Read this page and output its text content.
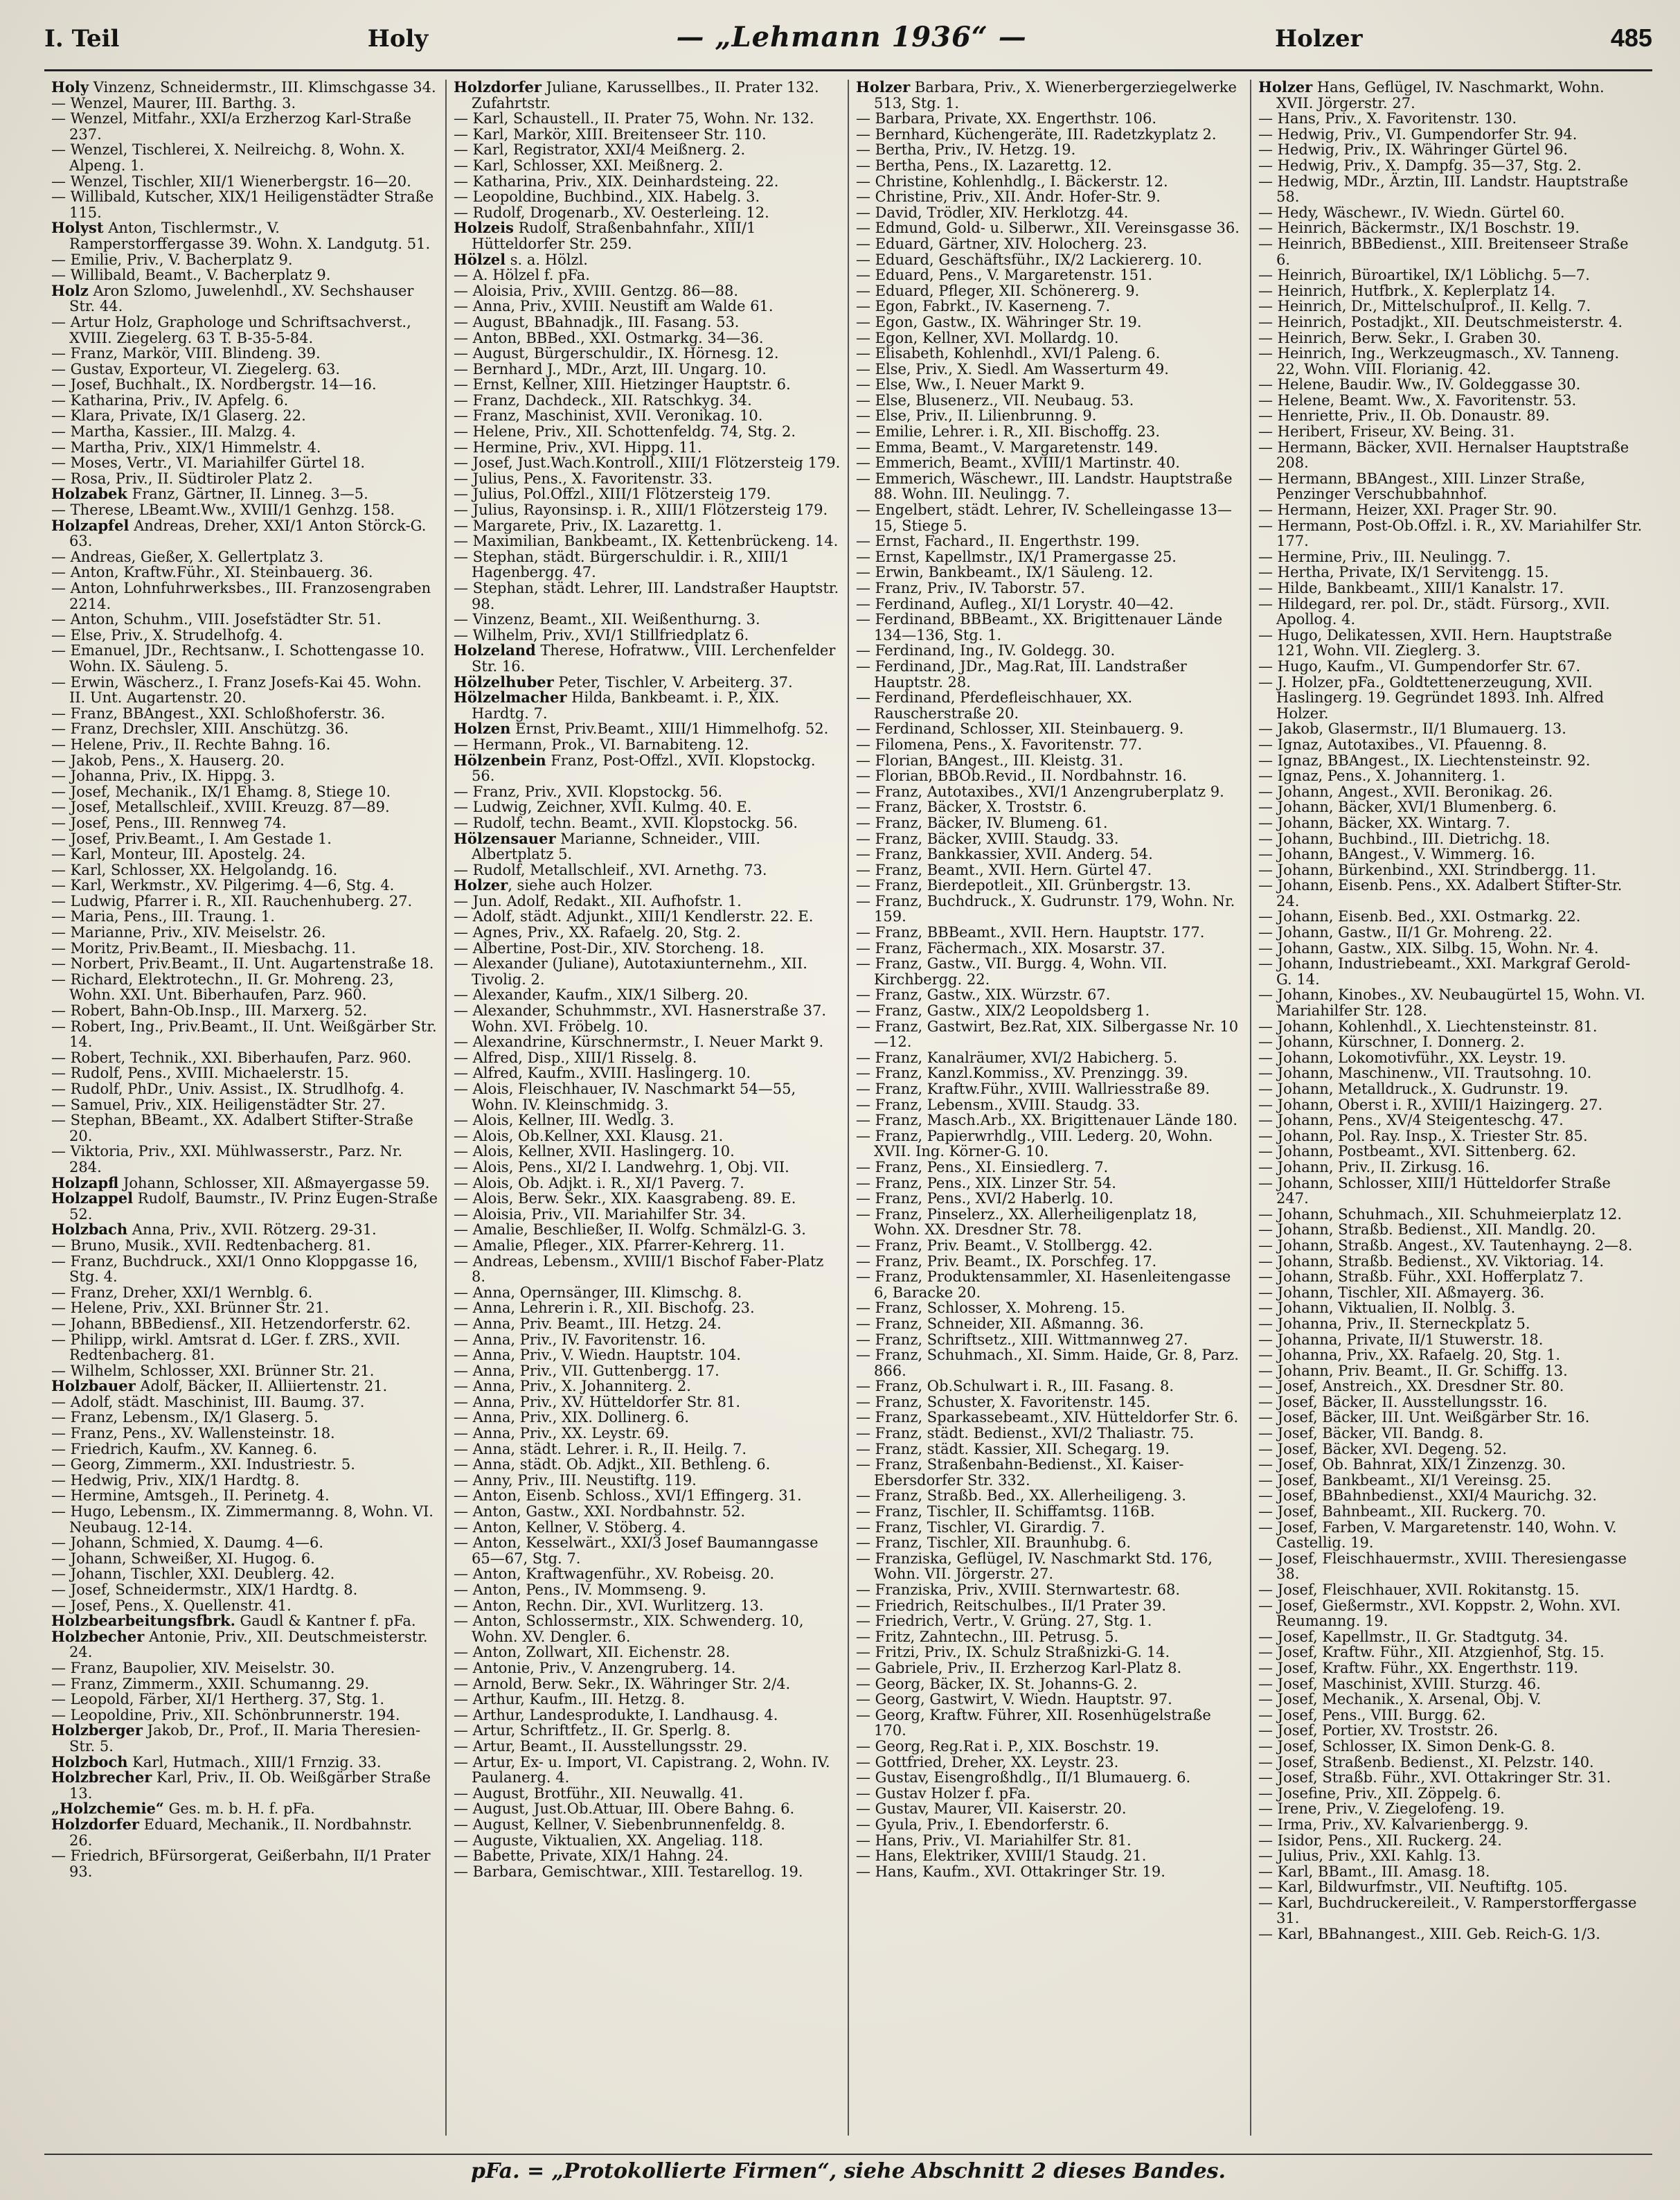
I. Teil	Holy	— „Lehmann 1936“ —	Holzer	485

Holy Vinzenz, Schneidermstr., III. Klimschgasse 34.

— Wenzel, Maurer, III. Barthg. 3.

— Wenzel, Mitfahr., XXI/a Erzherzog Karl-Straße 237.

— Wenzel, Tischlerei, X. Neilreichg. 8, Wohn. X. Alpeng. 1.

— Wenzel, Tischler, XII/1 Wienerbergstr. 16—20.

— Willibald, Kutscher, XIX/1 Heiligenstädter Straße 115.

Holyst Anton, Tischlermstr., V. Ramperstorffergasse 39. Wohn. X. Landgutg. 51.

— Emilie, Priv., V. Bacherplatz 9.

— Willibald, Beamt., V. Bacherplatz 9.

Holz Aron Szlomo, Juwelenhdl., XV. Sechshauser Str. 44.

— Artur Holz, Graphologe und Schriftsachverst., XVIII. Ziegelerg. 63 T. B-35-5-84.

— Franz, Markör, VIII. Blindeng. 39.

— Gustav, Exporteur, VI. Ziegelerg. 63.

— Josef, Buchhalt., IX. Nordbergstr. 14—16.

— Katharina, Priv., IV. Apfelg. 6.

— Klara, Private, IX/1 Glaserg. 22.

— Martha, Kassier., III. Malzg. 4.

— Martha, Priv., XIX/1 Himmelstr. 4.

— Moses, Vertr., VI. Mariahilfer Gürtel 18.

— Rosa, Priv., II. Südtiroler Platz 2.

Holzabek Franz, Gärtner, II. Linneg. 3—5.

— Therese, LBeamt.Ww., XVIII/1 Genhzg. 158.

Holzapfel Andreas, Dreher, XXI/1 Anton Störck-G. 63.

— Andreas, Gießer, X. Gellertplatz 3.

— Anton, Kraftw.Führ., XI. Steinbauerg. 36.

— Anton, Lohnfuhrwerksbes., III. Franzosengraben 2214.

— Anton, Schuhm., VIII. Josefstädter Str. 51.

— Else, Priv., X. Strudelhofg. 4.

— Emanuel, JDr., Rechtsanw., I. Schottengasse 10. Wohn. IX. Säuleng. 5.

— Erwin, Wäscherz., I. Franz Josefs-Kai 45. Wohn. II. Unt. Augartenstr. 20.

— Franz, BBAngest., XXI. Schloßhoferstr. 36.

— Franz, Drechsler, XIII. Anschützg. 36.

— Helene, Priv., II. Rechte Bahng. 16.

— Jakob, Pens., X. Hauserg. 20.

— Johanna, Priv., IX. Hippg. 3.

— Josef, Mechanik., IX/1 Ehamg. 8, Stiege 10.

— Josef, Metallschleif., XVIII. Kreuzg. 87—89.

— Josef, Pens., III. Rennweg 74.

— Josef, Priv.Beamt., I. Am Gestade 1.

— Karl, Monteur, III. Apostelg. 24.

— Karl, Schlosser, XX. Helgolandg. 16.

— Karl, Werkmstr., XV. Pilgerimg. 4—6, Stg. 4.

— Ludwig, Pfarrer i. R., XII. Rauchenhuberg. 27.

— Maria, Pens., III. Traung. 1.

— Marianne, Priv., XIV. Meiselstr. 26.

— Moritz, Priv.Beamt., II. Miesbachg. 11.

— Norbert, Priv.Beamt., II. Unt. Augartenstraße 18.

— Richard, Elektrotechn., II. Gr. Mohreng. 23, Wohn. XXI. Unt. Biberhaufen, Parz. 960.

— Robert, Bahn-Ob.Insp., III. Marxerg. 52.

— Robert, Ing., Priv.Beamt., II. Unt. Weißgärber Str. 14.

— Robert, Technik., XXI. Biberhaufen, Parz. 960.

— Rudolf, Pens., XVIII. Michaelerstr. 15.

— Rudolf, PhDr., Univ. Assist., IX. Strudlhofg. 4.

— Samuel, Priv., XIX. Heiligenstädter Str. 27.

— Stephan, BBeamt., XX. Adalbert Stifter-Straße 20.

— Viktoria, Priv., XXI. Mühlwasserstr., Parz. Nr. 284.

Holzapfl Johann, Schlosser, XII. Aßmayergasse 59.

Holzappel Rudolf, Baumstr., IV. Prinz Eugen-Straße 52.

Holzbach Anna, Priv., XVII. Rötzerg. 29-31.

— Bruno, Musik., XVII. Redtenbacherg. 81.

— Franz, Buchdruck., XXI/1 Onno Kloppgasse 16, Stg. 4.

— Franz, Dreher, XXI/1 Wernblg. 6.

— Helene, Priv., XXI. Brünner Str. 21.

— Johann, BBBediensf., XII. Hetzendorferstr. 62.

— Philipp, wirkl. Amtsrat d. LGer. f. ZRS., XVII. Redtenbacherg. 81.

— Wilhelm, Schlosser, XXI. Brünner Str. 21.

Holzbauer Adolf, Bäcker, II. Alliiertenstr. 21.

— Adolf, städt. Maschinist, III. Baumg. 37.

— Franz, Lebensm., IX/1 Glaserg. 5.

— Franz, Pens., XV. Wallensteinstr. 18.

— Friedrich, Kaufm., XV. Kanneg. 6.

— Georg, Zimmerm., XXI. Industriestr. 5.

— Hedwig, Priv., XIX/1 Hardtg. 8.

— Hermine, Amtsgeh., II. Perinetg. 4.

— Hugo, Lebensm., IX. Zimmermanng. 8, Wohn. VI. Neubaug. 12-14.

— Johann, Schmied, X. Daumg. 4—6.

— Johann, Schweißer, XI. Hugog. 6.

— Johann, Tischler, XXI. Deublerg. 42.

— Josef, Schneidermstr., XIX/1 Hardtg. 8.

— Josef, Pens., X. Quellenstr. 41.

Holzbearbeitungsfbrk. Gaudl & Kantner f. pFa.

Holzbecher Antonie, Priv., XII. Deutschmeisterstr. 24.

— Franz, Baupolier, XIV. Meiselstr. 30.

— Franz, Zimmerm., XXII. Schumanng. 29.

— Leopold, Färber, XI/1 Hertherg. 37, Stg. 1.

— Leopoldine, Priv., XII. Schönbrunnerstr. 194.

Holzberger Jakob, Dr., Prof., II. Maria Theresien-Str. 5.

Holzboch Karl, Hutmach., XIII/1 Frnzig. 33.

Holzbrecher Karl, Priv., II. Ob. Weißgärber Straße 13.

„Holzchemie“ Ges. m. b. H. f. pFa.

Holzdorfer Eduard, Mechanik., II. Nordbahnstr. 26.

— Friedrich, BFürsorgerat, Geißerbahn, II/1 Prater 93.

Holzdorfer Juliane, Karussellbes., II. Prater 132. Zufahrtstr.

— Karl, Schaustell., II. Prater 75, Wohn. Nr. 132.

— Karl, Markör, XIII. Breitenseer Str. 110.

— Karl, Registrator, XXI/4 Meißnerg. 2.

— Karl, Schlosser, XXI. Meißnerg. 2.

— Katharina, Priv., XIX. Deinhardsteing. 22.

— Leopoldine, Buchbind., XIX. Habelg. 3.

— Rudolf, Drogenarb., XV. Oesterleing. 12.

Holzeis Rudolf, Straßenbahnfahr., XIII/1 Hütteldorfer Str. 259.

Hölzel s. a. Hölzl.

— A. Hölzel f. pFa.

— Aloisia, Priv., XVIII. Gentzg. 86—88.

— Anna, Priv., XVIII. Neustift am Walde 61.

— August, BBahnadjk., III. Fasang. 53.

— Anton, BBBed., XXI. Ostmarkg. 34—36.

— August, Bürgerschuldir., IX. Hörnesg. 12.

— Bernhard J., MDr., Arzt, III. Ungarg. 10.

— Ernst, Kellner, XIII. Hietzinger Hauptstr. 6.

— Franz, Dachdeck., XII. Ratschkyg. 34.

— Franz, Maschinist, XVII. Veronikag. 10.

— Helene, Priv., XII. Schottenfeldg. 74, Stg. 2.

— Hermine, Priv., XVI. Hippg. 11.

— Josef, Just.Wach.Kontroll., XIII/1 Flötzersteig 179.

— Julius, Pens., X. Favoritenstr. 33.

— Julius, Pol.Offzl., XIII/1 Flötzersteig 179.

— Julius, Rayonsinsp. i. R., XIII/1 Flötzersteig 179.

— Margarete, Priv., IX. Lazarettg. 1.

— Maximilian, Bankbeamt., IX. Kettenbrückeng. 14.

— Stephan, städt. Bürgerschuldir. i. R., XIII/1 Hagenbergg. 47.

— Stephan, städt. Lehrer, III. Landstraßer Hauptstr. 98.

— Vinzenz, Beamt., XII. Weißenthurng. 3.

— Wilhelm, Priv., XVI/1 Stillfriedplatz 6.

Holzeland Therese, Hofratww., VIII. Lerchenfelder Str. 16.

Hölzelhuber Peter, Tischler, V. Arbeiterg. 37.

Hölzelmacher Hilda, Bankbeamt. i. P., XIX. Hardtg. 7.

Holzen Ernst, Priv.Beamt., XIII/1 Himmelhofg. 52.

— Hermann, Prok., VI. Barnabiteng. 12.

Hölzenbein Franz, Post-Offzl., XVII. Klopstockg. 56.

— Franz, Priv., XVII. Klopstockg. 56.

— Ludwig, Zeichner, XVII. Kulmg. 40. E.

— Rudolf, techn. Beamt., XVII. Klopstockg. 56.

Hölzensauer Marianne, Schneider., VIII. Albertplatz 5.

— Rudolf, Metallschleif., XVI. Arnethg. 73.

Holzer, siehe auch Holzer.

— Jun. Adolf, Redakt., XII. Aufhofstr. 1.

— Adolf, städt. Adjunkt., XIII/1 Kendlerstr. 22. E.

— Agnes, Priv., XX. Rafaelg. 20, Stg. 2.

— Albertine, Post-Dir., XIV. Storcheng. 18.

— Alexander (Juliane), Autotaxiunternehm., XII. Tivolig. 2.

— Alexander, Kaufm., XIX/1 Silberg. 20.

— Alexander, Schuhmmstr., XVI. Hasnerstraße 37. Wohn. XVI. Fröbelg. 10.

— Alexandrine, Kürschnermstr., I. Neuer Markt 9.

— Alfred, Disp., XIII/1 Risselg. 8.

— Alfred, Kaufm., XVIII. Haslingerg. 10.

— Alois, Fleischhauer, IV. Naschmarkt 54—55, Wohn. IV. Kleinschmidg. 3.

— Alois, Kellner, III. Wedlg. 3.

— Alois, Ob.Kellner, XXI. Klausg. 21.

— Alois, Kellner, XVII. Haslingerg. 10.

— Alois, Pens., XI/2 I. Landwehrg. 1, Obj. VII.

— Alois, Ob. Adjkt. i. R., XI/1 Paverg. 7.

— Alois, Berw. Sekr., XIX. Kaasgrabeng. 89. E.

— Aloisia, Priv., VII. Mariahilfer Str. 34.

— Amalie, Beschließer, II. Wolfg. Schmälzl-G. 3.

— Amalie, Pfleger., XIX. Pfarrer-Kehrerg. 11.

— Andreas, Lebensm., XVIII/1 Bischof Faber-Platz 8.

— Anna, Opernsänger, III. Klimschg. 8.

— Anna, Lehrerin i. R., XII. Bischofg. 23.

— Anna, Priv. Beamt., III. Hetzg. 24.

— Anna, Priv., IV. Favoritenstr. 16.

— Anna, Priv., V. Wiedn. Hauptstr. 104.

— Anna, Priv., VII. Guttenbergg. 17.

— Anna, Priv., X. Johanniterg. 2.

— Anna, Priv., XV. Hütteldorfer Str. 81.

— Anna, Priv., XIX. Dollinerg. 6.

— Anna, Priv., XX. Leystr. 69.

— Anna, städt. Lehrer. i. R., II. Heilg. 7.

— Anna, städt. Ob. Adjkt., XII. Bethleng. 6.

— Anny, Priv., III. Neustiftg. 119.

— Anton, Eisenb. Schloss., XVI/1 Effingerg. 31.

— Anton, Gastw., XXI. Nordbahnstr. 52.

— Anton, Kellner, V. Stöberg. 4.

— Anton, Kesselwärt., XXI/3 Josef Baumanngasse 65—67, Stg. 7.

— Anton, Kraftwagenführ., XV. Robeisg. 20.

— Anton, Pens., IV. Mommseng. 9.

— Anton, Rechn. Dir., XVI. Wurlitzerg. 13.

— Anton, Schlossermstr., XIX. Schwenderg. 10, Wohn. XV. Dengler. 6.

— Anton, Zollwart, XII. Eichenstr. 28.

— Antonie, Priv., V. Anzengruberg. 14.

— Arnold, Berw. Sekr., IX. Währinger Str. 2/4.

— Arthur, Kaufm., III. Hetzg. 8.

— Arthur, Landesprodukte, I. Landhausg. 4.

— Artur, Schriftfetz., II. Gr. Sperlg. 8.

— Artur, Beamt., II. Ausstellungsstr. 29.

— Artur, Ex- u. Import, VI. Capistrang. 2, Wohn. IV. Paulanerg. 4.

— August, Brotführ., XII. Neuwallg. 41.

— August, Just.Ob.Attuar, III. Obere Bahng. 6.

— August, Kellner, V. Siebenbrunnenfeldg. 8.

— Auguste, Viktualien, XX. Angeliag. 118.

— Babette, Private, XIX/1 Hahng. 24.

— Barbara, Gemischtwar., XIII. Testarellog. 19.

Holzer Barbara, Priv., X. Wienerbergerziegelwerke 513, Stg. 1.

— Barbara, Private, XX. Engerthstr. 106.

— Bernhard, Küchengeräte, III. Radetzkyplatz 2.

— Bertha, Priv., IV. Hetzg. 19.

— Bertha, Pens., IX. Lazarettg. 12.

— Christine, Kohlenhdlg., I. Bäckerstr. 12.

— Christine, Priv., XII. Andr. Hofer-Str. 9.

— David, Trödler, XIV. Herklotzg. 44.

— Edmund, Gold- u. Silberwr., XII. Vereinsgasse 36.

— Eduard, Gärtner, XIV. Holocherg. 23.

— Eduard, Geschäftsführ., IX/2 Lackiererg. 10.

— Eduard, Pens., V. Margaretenstr. 151.

— Eduard, Pfleger, XII. Schönererg. 9.

— Egon, Fabrkt., IV. Kaserneng. 7.

— Egon, Gastw., IX. Währinger Str. 19.

— Egon, Kellner, XVI. Mollardg. 10.

— Elisabeth, Kohlenhdl., XVI/1 Paleng. 6.

— Else, Priv., X. Siedl. Am Wasserturm 49.

— Else, Ww., I. Neuer Markt 9.

— Else, Blusenerz., VII. Neubaug. 53.

— Else, Priv., II. Lilienbrunng. 9.

— Emilie, Lehrer. i. R., XII. Bischoffg. 23.

— Emma, Beamt., V. Margaretenstr. 149.

— Emmerich, Beamt., XVIII/1 Martinstr. 40.

— Emmerich, Wäschewr., III. Landstr. Hauptstraße 88. Wohn. III. Neulingg. 7.

— Engelbert, städt. Lehrer, IV. Schelleingasse 13—15, Stiege 5.

— Ernst, Fachard., II. Engerthstr. 199.

— Ernst, Kapellmstr., IX/1 Pramergasse 25.

— Erwin, Bankbeamt., IX/1 Säuleng. 12.

— Franz, Priv., IV. Taborstr. 57.

— Ferdinand, Aufleg., XI/1 Lorystr. 40—42.

— Ferdinand, BBBeamt., XX. Brigittenauer Lände 134—136, Stg. 1.

— Ferdinand, Ing., IV. Goldegg. 30.

— Ferdinand, JDr., Mag.Rat, III. Landstraßer Hauptstr. 28.

— Ferdinand, Pferdefleischhauer, XX. Rauscherstraße 20.

— Ferdinand, Schlosser, XII. Steinbauerg. 9.

— Filomena, Pens., X. Favoritenstr. 77.

— Florian, BAngest., III. Kleistg. 31.

— Florian, BBOb.Revid., II. Nordbahnstr. 16.

— Franz, Autotaxibes., XVI/1 Anzengruberplatz 9.

— Franz, Bäcker, X. Troststr. 6.

— Franz, Bäcker, IV. Blumeng. 61.

— Franz, Bäcker, XVIII. Staudg. 33.

— Franz, Bankkassier, XVII. Anderg. 54.

— Franz, Beamt., XVII. Hern. Gürtel 47.

— Franz, Bierdepotleit., XII. Grünbergstr. 13.

— Franz, Buchdruck., X. Gudrunstr. 179, Wohn. Nr. 159.

— Franz, BBBeamt., XVII. Hern. Hauptstr. 177.

— Franz, Fächermach., XIX. Mosarstr. 37.

— Franz, Gastw., VII. Burgg. 4, Wohn. VII. Kirchbergg. 22.

— Franz, Gastw., XIX. Würzstr. 67.

— Franz, Gastw., XIX/2 Leopoldsberg 1.

— Franz, Gastwirt, Bez.Rat, XIX. Silbergasse Nr. 10—12.

— Franz, Kanalräumer, XVI/2 Habicherg. 5.

— Franz, Kanzl.Kommiss., XV. Prenzingg. 39.

— Franz, Kraftw.Führ., XVIII. Wallriesstraße 89.

— Franz, Lebensm., XVIII. Staudg. 33.

— Franz, Masch.Arb., XX. Brigittenauer Lände 180.

— Franz, Papierwrhdlg., VIII. Lederg. 20, Wohn. XVII. Ing. Körner-G. 10.

— Franz, Pens., XI. Einsiedlerg. 7.

— Franz, Pens., XIX. Linzer Str. 54.

— Franz, Pens., XVI/2 Haberlg. 10.

— Franz, Pinselerz., XX. Allerheiligenplatz 18, Wohn. XX. Dresdner Str. 78.

— Franz, Priv. Beamt., V. Stollbergg. 42.

— Franz, Priv. Beamt., IX. Porschfeg. 17.

— Franz, Produktensammler, XI. Hasenleitengasse 6, Baracke 20.

— Franz, Schlosser, X. Mohreng. 15.

— Franz, Schneider, XII. Aßmanng. 36.

— Franz, Schriftsetz., XIII. Wittmannweg 27.

— Franz, Schuhmach., XI. Simm. Haide, Gr. 8, Parz. 866.

— Franz, Ob.Schulwart i. R., III. Fasang. 8.

— Franz, Schuster, X. Favoritenstr. 145.

— Franz, Sparkassebeamt., XIV. Hütteldorfer Str. 6.

— Franz, städt. Bedienst., XVI/2 Thaliastr. 75.

— Franz, städt. Kassier, XII. Schegarg. 19.

— Franz, Straßenbahn-Bedienst., XI. Kaiser-Ebersdorfer Str. 332.

— Franz, Straßb. Bed., XX. Allerheiligeng. 3.

— Franz, Tischler, II. Schiffamtsg. 116B.

— Franz, Tischler, VI. Girardig. 7.

— Franz, Tischler, XII. Braunhubg. 6.

— Franziska, Geflügel, IV. Naschmarkt Std. 176, Wohn. VII. Jörgerstr. 27.

— Franziska, Priv., XVIII. Sternwartestr. 68.

— Friedrich, Reitschulbes., II/1 Prater 39.

— Friedrich, Vertr., V. Grüng. 27, Stg. 1.

— Fritz, Zahntechn., III. Petrusg. 5.

— Fritzi, Priv., IX. Schulz Straßnizki-G. 14.

— Gabriele, Priv., II. Erzherzog Karl-Platz 8.

— Georg, Bäcker, IX. St. Johanns-G. 2.

— Georg, Gastwirt, V. Wiedn. Hauptstr. 97.

— Georg, Kraftw. Führer, XII. Rosenhügelstraße 170.

— Georg, Reg.Rat i. P., XIX. Boschstr. 19.

— Gottfried, Dreher, XX. Leystr. 23.

— Gustav, Eisengroßhdlg., II/1 Blumauerg. 6.

— Gustav Holzer f. pFa.

— Gustav, Maurer, VII. Kaiserstr. 20.

— Gyula, Priv., I. Ebendorferstr. 6.

— Hans, Priv., VI. Mariahilfer Str. 81.

— Hans, Elektriker, XVIII/1 Staudg. 21.

— Hans, Kaufm., XVI. Ottakringer Str. 19.

Holzer Hans, Geflügel, IV. Naschmarkt, Wohn. XVII. Jörgerstr. 27.

— Hans, Priv., X. Favoritenstr. 130.

— Hedwig, Priv., VI. Gumpendorfer Str. 94.

— Hedwig, Priv., IX. Währinger Gürtel 96.

— Hedwig, Priv., X. Dampfg. 35—37, Stg. 2.

— Hedwig, MDr., Ärztin, III. Landstr. Hauptstraße 58.

— Hedy, Wäschewr., IV. Wiedn. Gürtel 60.

— Heinrich, Bäckermstr., IX/1 Boschstr. 19.

— Heinrich, BBBedienst., XIII. Breitenseer Straße 6.

— Heinrich, Büroartikel, IX/1 Löblichg. 5—7.

— Heinrich, Hutfbrk., X. Keplerplatz 14.

— Heinrich, Dr., Mittelschulprof., II. Kellg. 7.

— Heinrich, Postadjkt., XII. Deutschmeisterstr. 4.

— Heinrich, Berw. Sekr., I. Graben 30.

— Heinrich, Ing., Werkzeugmasch., XV. Tanneng. 22, Wohn. VIII. Florianig. 42.

— Helene, Baudir. Ww., IV. Goldeggasse 30.

— Helene, Beamt. Ww., X. Favoritenstr. 53.

— Henriette, Priv., II. Ob. Donaustr. 89.

— Heribert, Friseur, XV. Being. 31.

— Hermann, Bäcker, XVII. Hernalser Hauptstraße 208.

— Hermann, BBAngest., XIII. Linzer Straße, Penzinger Verschubbahnhof.

— Hermann, Heizer, XXI. Prager Str. 90.

— Hermann, Post-Ob.Offzl. i. R., XV. Mariahilfer Str. 177.

— Hermine, Priv., III. Neulingg. 7.

— Hertha, Private, IX/1 Servitengg. 15.

— Hilde, Bankbeamt., XIII/1 Kanalstr. 17.

— Hildegard, rer. pol. Dr., städt. Fürsorg., XVII. Apollog. 4.

— Hugo, Delikatessen, XVII. Hern. Hauptstraße 121, Wohn. VII. Zieglerg. 3.

— Hugo, Kaufm., VI. Gumpendorfer Str. 67.

— J. Holzer, pFa., Goldtettenerzeugung, XVII. Haslingerg. 19. Gegründet 1893. Inh. Alfred Holzer.

— Jakob, Glasermstr., II/1 Blumauerg. 13.

— Ignaz, Autotaxibes., VI. Pfauenng. 8.

— Ignaz, BBAngest., IX. Liechtensteinstr. 92.

— Ignaz, Pens., X. Johanniterg. 1.

— Johann, Angest., XVII. Beronikag. 26.

— Johann, Bäcker, XVI/1 Blumenberg. 6.

— Johann, Bäcker, XX. Wintarg. 7.

— Johann, Buchbind., III. Dietrichg. 18.

— Johann, BAngest., V. Wimmerg. 16.

— Johann, Bürkenbind., XXI. Strindbergg. 11.

— Johann, Eisenb. Pens., XX. Adalbert Stifter-Str. 24.

— Johann, Eisenb. Bed., XXI. Ostmarkg. 22.

— Johann, Gastw., II/1 Gr. Mohreng. 22.

— Johann, Gastw., XIX. Silbg. 15, Wohn. Nr. 4.

— Johann, Industriebeamt., XXI. Markgraf Gerold-G. 14.

— Johann, Kinobes., XV. Neubaugürtel 15, Wohn. VI. Mariahilfer Str. 128.

— Johann, Kohlenhdl., X. Liechtensteinstr. 81.

— Johann, Kürschner, I. Donnerg. 2.

— Johann, Lokomotivführ., XX. Leystr. 19.

— Johann, Maschinenw., VII. Trautsohng. 10.

— Johann, Metalldruck., X. Gudrunstr. 19.

— Johann, Oberst i. R., XVIII/1 Haizingerg. 27.

— Johann, Pens., XV/4 Steigenteschg. 47.

— Johann, Pol. Ray. Insp., X. Triester Str. 85.

— Johann, Postbeamt., XVI. Sittenberg. 62.

— Johann, Priv., II. Zirkusg. 16.

— Johann, Schlosser, XIII/1 Hütteldorfer Straße 247.

— Johann, Schuhmach., XII. Schuhmeierplatz 12.

— Johann, Straßb. Bedienst., XII. Mandlg. 20.

— Johann, Straßb. Angest., XV. Tautenhayng. 2—8.

— Johann, Straßb. Bedienst., XV. Viktoriag. 14.

— Johann, Straßb. Führ., XXI. Hofferplatz 7.

— Johann, Tischler, XII. Aßmayerg. 36.

— Johann, Viktualien, II. Nolblg. 3.

— Johanna, Priv., II. Sterneckplatz 5.

— Johanna, Private, II/1 Stuwerstr. 18.

— Johanna, Priv., XX. Rafaelg. 20, Stg. 1.

— Johann, Priv. Beamt., II. Gr. Schiffg. 13.

— Josef, Anstreich., XX. Dresdner Str. 80.

— Josef, Bäcker, II. Ausstellungsstr. 16.

— Josef, Bäcker, III. Unt. Weißgärber Str. 16.

— Josef, Bäcker, VII. Bandg. 8.

— Josef, Bäcker, XVI. Degeng. 52.

— Josef, Ob. Bahnrat, XIX/1 Zinzenzg. 30.

— Josef, Bankbeamt., XI/1 Vereinsg. 25.

— Josef, BBahnbedienst., XXI/4 Maurichg. 32.

— Josef, Bahnbeamt., XII. Ruckerg. 70.

— Josef, Farben, V. Margaretenstr. 140, Wohn. V. Castellig. 19.

— Josef, Fleischhauermstr., XVIII. Theresiengasse 38.

— Josef, Fleischhauer, XVII. Rokitanstg. 15.

— Josef, Gießermstr., XVI. Koppstr. 2, Wohn. XVI. Reumanng. 19.

— Josef, Kapellmstr., II. Gr. Stadtgutg. 34.

— Josef, Kraftw. Führ., XII. Atzgienhof, Stg. 15.

— Josef, Kraftw. Führ., XX. Engerthstr. 119.

— Josef, Maschinist, XVIII. Sturzg. 46.

— Josef, Mechanik., X. Arsenal, Obj. V.

— Josef, Pens., VIII. Burgg. 62.

— Josef, Portier, XV. Troststr. 26.

— Josef, Schlosser, IX. Simon Denk-G. 8.

— Josef, Straßenb. Bedienst., XI. Pelzstr. 140.

— Josef, Straßb. Führ., XVI. Ottakringer Str. 31.

— Josefine, Priv., XII. Zöppelg. 6.

— Irene, Priv., V. Ziegelofeng. 19.

— Irma, Priv., XV. Kalvarienbergg. 9.

— Isidor, Pens., XII. Ruckerg. 24.

— Julius, Priv., XXI. Kahlg. 13.

— Karl, BBamt., III. Amasg. 18.

— Karl, Bildwurfmstr., VII. Neuftiftg. 105.

— Karl, Buchdruckereileit., V. Ramperstorffergasse 31.

— Karl, BBahnangest., XIII. Geb. Reich-G. 1/3.

pFa. = „Protokollierte Firmen“, siehe Abschnitt 2 dieses Bandes.
